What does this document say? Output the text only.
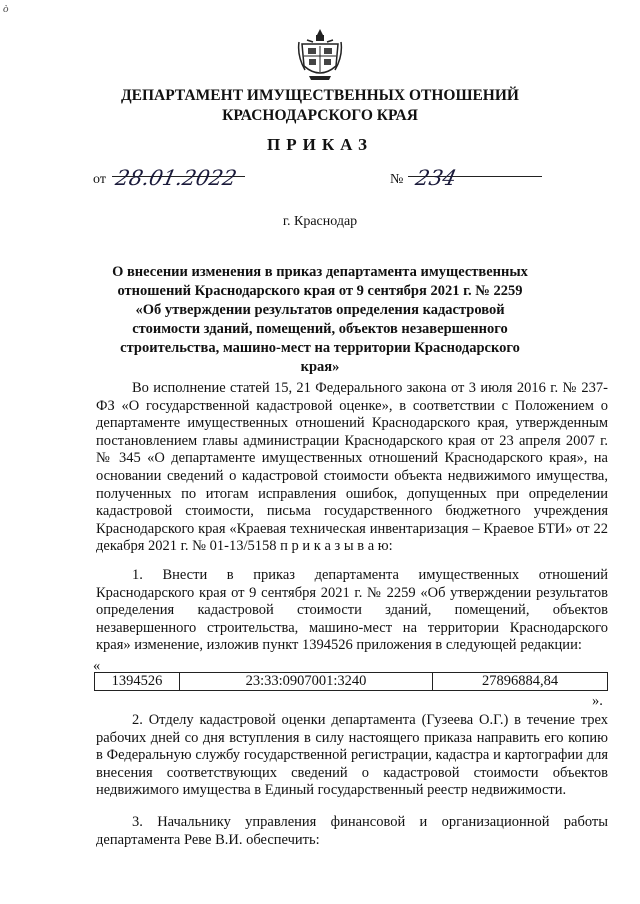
ò
ДЕПАРТАМЕНТ ИМУЩЕСТВЕННЫХ ОТНОШЕНИЙ
КРАСНОДАРСКОГО КРАЯ
ПРИКАЗ
от 28.01.2022	№ 234
г. Краснодар
О внесении изменения в приказ департамента имущественных отношений Краснодарского края от 9 сентября 2021 г. № 2259 «Об утверждении результатов определения кадастровой стоимости зданий, помещений, объектов незавершенного строительства, машино-мест на территории Краснодарского края»
Во исполнение статей 15, 21 Федерального закона от 3 июля 2016 г. № 237-ФЗ «О государственной кадастровой оценке», в соответствии с Положением о департаменте имущественных отношений Краснодарского края, утвержденным постановлением главы администрации Краснодарского края от 23 апреля 2007 г. № 345 «О департаменте имущественных отношений Краснодарского края», на основании сведений о кадастровой стоимости объекта недвижимого имущества, полученных по итогам исправления ошибок, допущенных при определении кадастровой стоимости, письма государственного бюджетного учреждения Краснодарского края «Краевая техническая инвентаризация – Краевое БТИ» от 22 декабря 2021 г. № 01-13/5158 п р и к а з ы в а ю:
1. Внести в приказ департамента имущественных отношений Краснодарского края от 9 сентября 2021 г. № 2259 «Об утверждении результатов определения кадастровой стоимости зданий, помещений, объектов незавершенного строительства, машино-мест на территории Краснодарского края» изменение, изложив пункт 1394526 приложения в следующей редакции:
«
1394526	23:33:0907001:3240	27896884,84
».
2. Отделу кадастровой оценки департамента (Гузеева О.Г.) в течение трех рабочих дней со дня вступления в силу настоящего приказа направить его копию в Федеральную службу государственной регистрации, кадастра и картографии для внесения соответствующих сведений о кадастровой стоимости объектов недвижимого имущества в Единый государственный реестр недвижимости.
3. Начальнику управления финансовой и организационной работы департамента Реве В.И. обеспечить:
